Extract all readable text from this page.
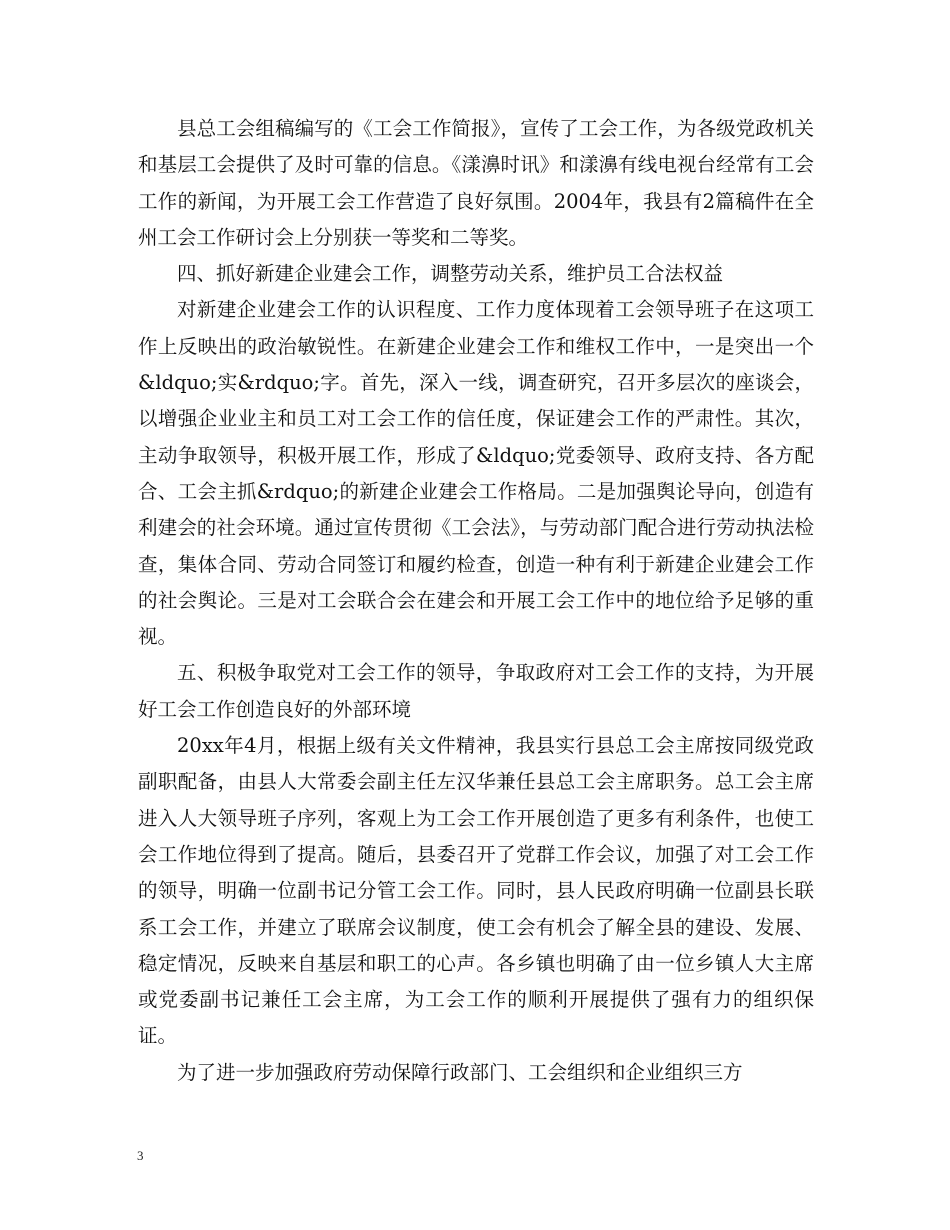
县总工会组稿编写的《工会工作简报》，宣传了工会工作，为各级党政机关和基层工会提供了及时可靠的信息。《漾濞时讯》和漾濞有线电视台经常有工会工作的新闻，为开展工会工作营造了良好氛围。2004年，我县有2篇稿件在全州工会工作研讨会上分别获一等奖和二等奖。

四、抓好新建企业建会工作，调整劳动关系，维护员工合法权益

对新建企业建会工作的认识程度、工作力度体现着工会领导班子在这项工作上反映出的政治敏锐性。在新建企业建会工作和维权工作中，一是突出一个&ldquo;实&rdquo;字。首先，深入一线，调查研究，召开多层次的座谈会，以增强企业业主和员工对工会工作的信任度，保证建会工作的严肃性。其次，主动争取领导，积极开展工作，形成了&ldquo;党委领导、政府支持、各方配合、工会主抓&rdquo;的新建企业建会工作格局。二是加强舆论导向，创造有利建会的社会环境。通过宣传贯彻《工会法》，与劳动部门配合进行劳动执法检查，集体合同、劳动合同签订和履约检查，创造一种有利于新建企业建会工作的社会舆论。三是对工会联合会在建会和开展工会工作中的地位给予足够的重视。

五、积极争取党对工会工作的领导，争取政府对工会工作的支持，为开展好工会工作创造良好的外部环境

20xx年4月，根据上级有关文件精神，我县实行县总工会主席按同级党政副职配备，由县人大常委会副主任左汉华兼任县总工会主席职务。总工会主席进入人大领导班子序列，客观上为工会工作开展创造了更多有利条件，也使工会工作地位得到了提高。随后，县委召开了党群工作会议，加强了对工会工作的领导，明确一位副书记分管工会工作。同时，县人民政府明确一位副县长联系工会工作，并建立了联席会议制度，使工会有机会了解全县的建设、发展、稳定情况，反映来自基层和职工的心声。各乡镇也明确了由一位乡镇人大主席或党委副书记兼任工会主席，为工会工作的顺利开展提供了强有力的组织保证。

为了进一步加强政府劳动保障行政部门、工会组织和企业组织三方

3
